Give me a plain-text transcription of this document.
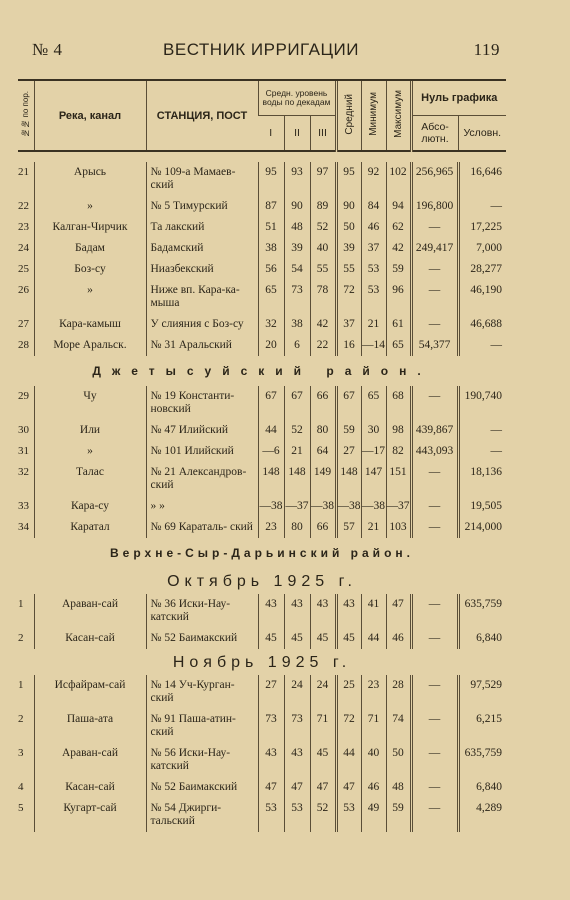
№ 4	ВЕСТНИК ИРРИГАЦИИ	119
№№ по пор.	Река, канал	СТАНЦИЯ, ПОСТ	Средн. уровень воды по декадам			Средний	Минимум	Максимум	Нуль графика	
			I	II	III				Абсо- лютн.	Условн.

21	Арысь	№ 109-а Мамаев- ский	95	93	97	95	92	102	256,965	16,646
22	»	№ 5 Тимурский	87	90	89	90	84	94	196,800	—
23	Калган-Чирчик	Та лакский	51	48	52	50	46	62	—	17,225
24	Бадам	Бадамский	38	39	40	39	37	42	249,417	7,000
25	Боз-су	Ниазбекский	56	54	55	55	53	59	—	28,277
26	»	Ниже вп. Кара-ка- мыша	65	73	78	72	53	96	—	46,190
27	Кара-камыш	У слияния с Боз-су	32	38	42	37	21	61	—	46,688
28	Море Аральск.	№ 31 Аральский	20	6	22	16	—14	65	54,377	—
Джетысуйский район.										
29	Чу	№ 19 Константи- новский	67	67	66	67	65	68	—	190,740
30	Или	№ 47 Илийский	44	52	80	59	30	98	439,867	—
31	»	№ 101 Илийский	—6	21	64	27	—17	82	443,093	—
32	Талас	№ 21 Александров- ский	148	148	149	148	147	151	—	18,136
33	Кара-су	» »	—38	—37	—38	—38	—38	—37	—	19,505
34	Каратал	№ 69 Караталь- ский	23	80	66	57	21	103	—	214,000
Верхне-Сыр-Дарьинский район.										
Октябрь 1925 г.										
1	Араван-сай	№ 36 Иски-Нау- катский	43	43	43	43	41	47	—	635,759
2	Касан-сай	№ 52 Баимакский	45	45	45	45	44	46	—	6,840
Ноябрь 1925 г.										
1	Исфайрам-сай	№ 14 Уч-Курган- ский	27	24	24	25	23	28	—	97,529
2	Паша-ата	№ 91 Паша-атин- ский	73	73	71	72	71	74	—	6,215
3	Араван-сай	№ 56 Иски-Нау- катский	43	43	45	44	40	50	—	635,759
4	Касан-сай	№ 52 Баимакский	47	47	47	47	46	48	—	6,840
5	Кугарт-сай	№ 54 Джирги- тальский	53	53	52	53	49	59	—	4,289
